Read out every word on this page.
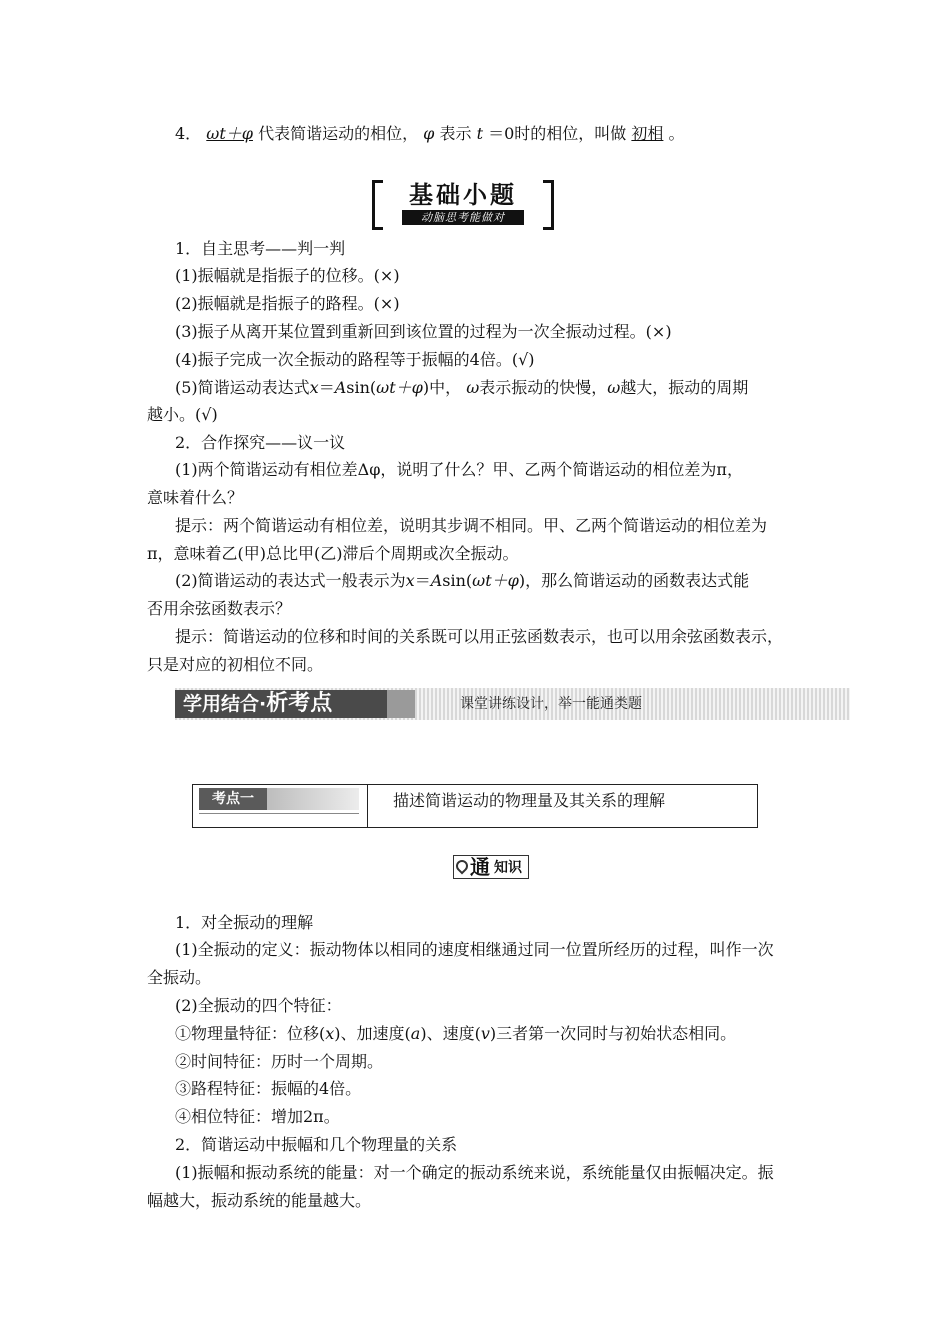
4． ωt＋φ 代表简谐运动的相位， φ 表示 t ＝0时的相位，叫做 初相 。
基础小题
动脑思考能做对
1．自主思考——判一判
(1)振幅就是指振子的位移。(×)
(2)振幅就是指振子的路程。(×)
(3)振子从离开某位置到重新回到该位置的过程为一次全振动过程。(×)
(4)振子完成一次全振动的路程等于振幅的4倍。(√)
(5)简谐运动表达式x＝Asin(ωt＋φ)中， ω表示振动的快慢，ω越大，振动的周期
越小。(√)
2．合作探究——议一议
(1)两个简谐运动有相位差Δφ，说明了什么？甲、乙两个简谐运动的相位差为π，
意味着什么？
提示：两个简谐运动有相位差，说明其步调不相同。甲、乙两个简谐运动的相位差为
π，意味着乙(甲)总比甲(乙)滞后个周期或次全振动。
(2)简谐运动的表达式一般表示为x＝Asin(ωt＋φ)，那么简谐运动的函数表达式能
否用余弦函数表示？
提示：简谐运动的位移和时间的关系既可以用正弦函数表示，也可以用余弦函数表示，
只是对应的初相位不同。
学用结合·析考点	课堂讲练设计，举一能通类题
考点一	描述简谐运动的物理量及其关系的理解
通 知识
1．对全振动的理解
(1)全振动的定义：振动物体以相同的速度相继通过同一位置所经历的过程，叫作一次
全振动。
(2)全振动的四个特征：
①物理量特征：位移(x)、加速度(a)、速度(v)三者第一次同时与初始状态相同。
②时间特征：历时一个周期。
③路程特征：振幅的4倍。
④相位特征：增加2π。
2．简谐运动中振幅和几个物理量的关系
(1)振幅和振动系统的能量：对一个确定的振动系统来说，系统能量仅由振幅决定。振
幅越大，振动系统的能量越大。
